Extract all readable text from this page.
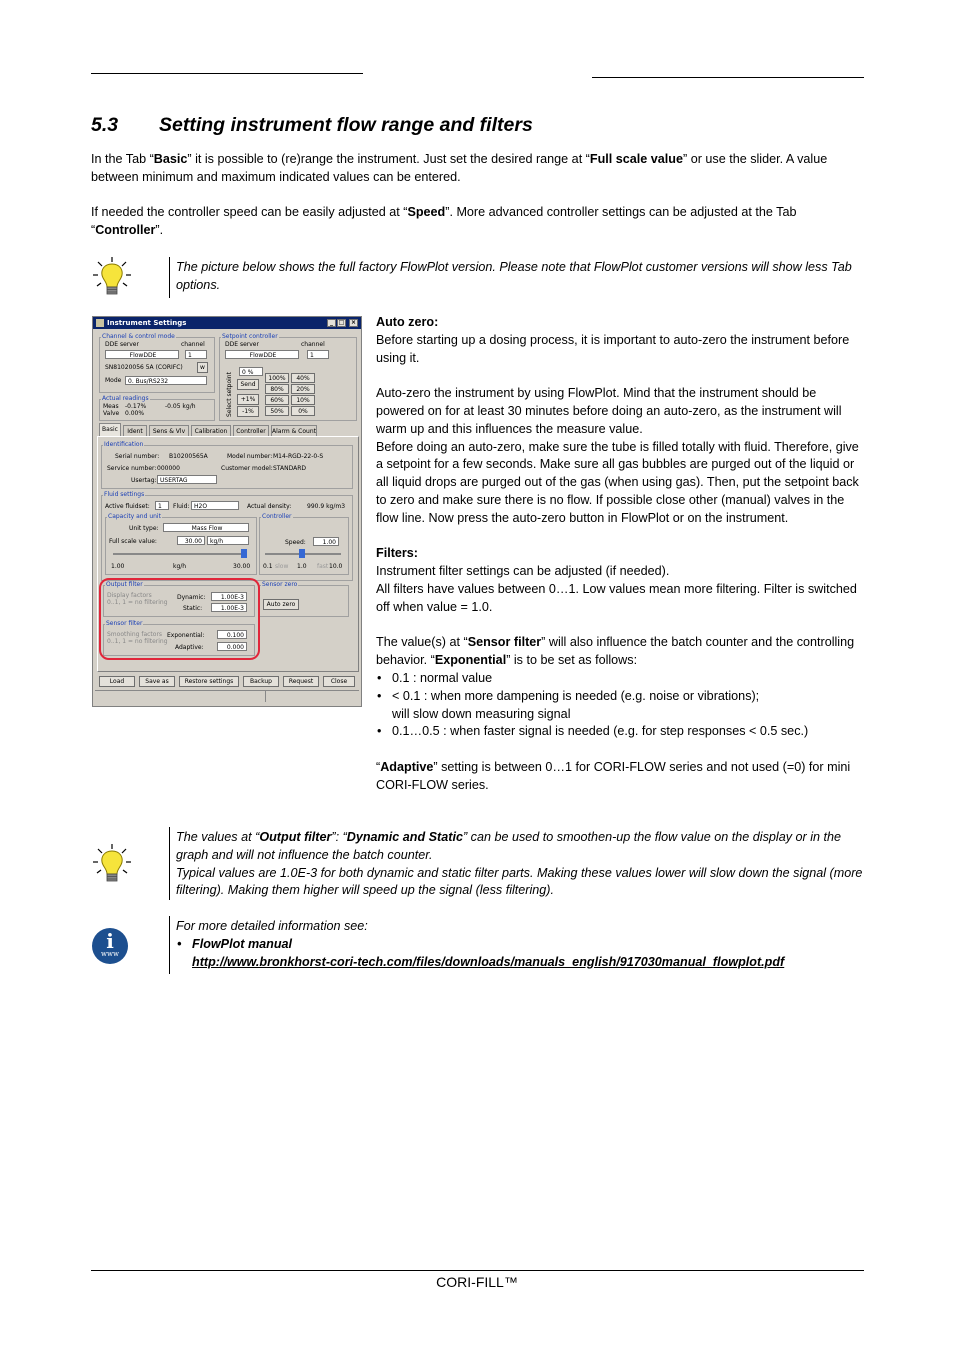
5.3 Setting instrument flow range and filters
In the Tab “Basic” it is possible to (re)range the instrument. Just set the desired range at “Full scale value” or use the slider. A value between minimum and maximum indicated values can be entered.
If needed the controller speed can be easily adjusted at “Speed”. More advanced controller settings can be adjusted at the Tab “Controller”.
The picture below shows the full factory FlowPlot version. Please note that FlowPlot customer versions will show less Tab options.
Instrument Settings	_ □	×
Channel & control mode
DDE server	channel
FlowDDE	1
SN81020056 5A (CORIFC)	w
Mode	0. Bus/RS232
Setpoint controller
DDE server	channel
FlowDDE	1
Select setpoint	0 %
Send
+1%
-1%
100%	40%
80%	20%
60%	10%
50%	0%
Actual readings
Meas -0.17%	-0.05 kg/h
Valve 0.00%
Basic	Ident	Sens & Vlv	Calibration	Controller	Alarm & Count
Identification
Serial number: B10200565A	Model number: M14-RGD-22-0-S
Service number: 000000	Customer model: STANDARD
Usertag: USERTAG
Fluid settings
Active fluidset:	1	Fluid: H2O	Actual density:	990.9 kg/m3
Capacity and unit
Unit type:	Mass Flow
Full scale value:	30.00	kg/h
1.00	kg/h	30.00
Controller
Speed:	1.00
0.1 slow 1.0 fast 10.0
Output filter
Display factors
0..1, 1 = no filtering
Dynamic:	1.00E-3
Static:	1.00E-3
Sensor zero
Auto zero
Sensor filter
Smoothing factors
0..1, 1 = no filtering
Exponential:	0.100
Adaptive:	0.000
Load	Save as	Restore settings	Backup	Request	Close
Auto zero:
Before starting up a dosing process, it is important to auto-zero the instrument before using it.
Auto-zero the instrument by using FlowPlot. Mind that the instrument should be powered on for at least 30 minutes before doing an auto-zero, as the instrument will warm up and this influences the measure value.
Before doing an auto-zero, make sure the tube is filled totally with fluid. Therefore, give a setpoint for a few seconds. Make sure all gas bubbles are purged out of the liquid or all liquid drops are purged out of the gas (when using gas). Then, put the setpoint back to zero and make sure there is no flow. If possible close other (manual) valves in the flow line. Now press the auto-zero button in FlowPlot or on the instrument.
Filters:
Instrument filter settings can be adjusted (if needed).
All filters have values between 0…1. Low values mean more filtering. Filter is switched off when value = 1.0.
The value(s) at “Sensor filter” will also influence the batch counter and the controlling behavior. “Exponential” is to be set as follows:
• 0.1 : normal value
• < 0.1 : when more dampening is needed (e.g. noise or vibrations);
will slow down measuring signal
• 0.1…0.5 : when faster signal is needed (e.g. for step responses < 0.5 sec.)
“Adaptive” setting is between 0…1 for CORI-FLOW series and not used (=0) for mini CORI-FLOW series.
The values at “Output filter”: “Dynamic and Static” can be used to smoothen-up the flow value on the display or in the graph and will not influence the batch counter.
Typical values are 1.0E-3 for both dynamic and static filter parts. Making these values lower will slow down the signal (more filtering). Making them higher will speed up the signal (less filtering).
i
www
For more detailed information see:
• FlowPlot manual
http://www.bronkhorst-cori-tech.com/files/downloads/manuals_english/917030manual_flowplot.pdf
CORI-FILL™
